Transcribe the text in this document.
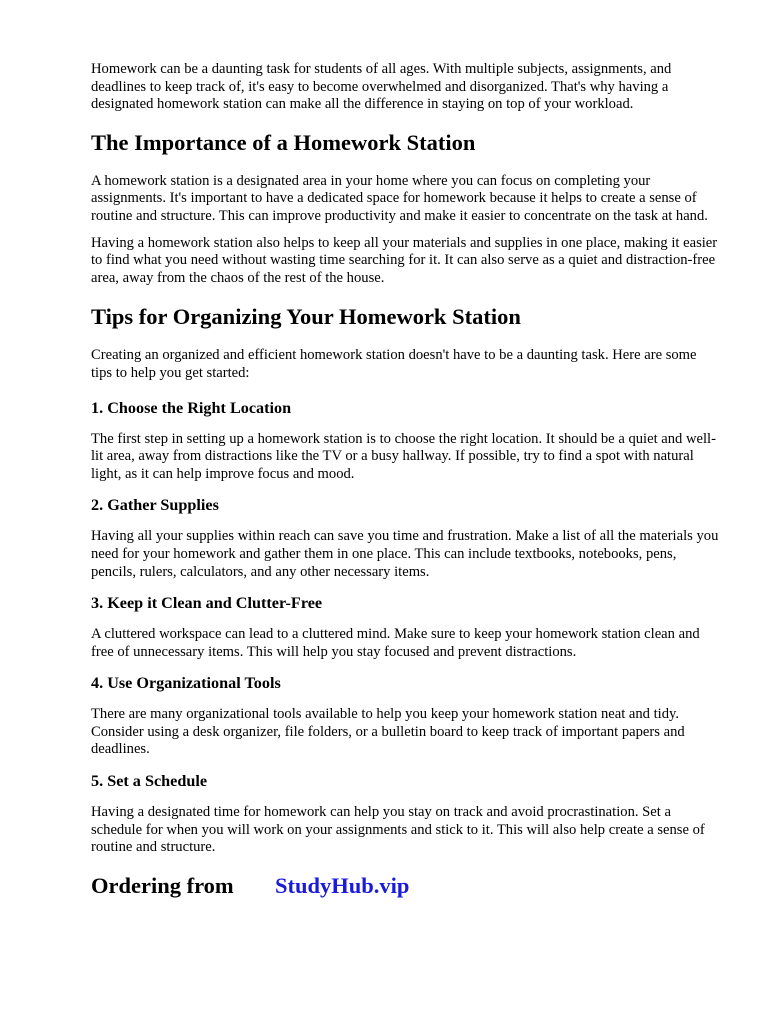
Homework can be a daunting task for students of all ages. With multiple subjects, assignments, and deadlines to keep track of, it's easy to become overwhelmed and disorganized. That's why having a designated homework station can make all the difference in staying on top of your workload.

The Importance of a Homework Station

A homework station is a designated area in your home where you can focus on completing your assignments. It's important to have a dedicated space for homework because it helps to create a sense of routine and structure. This can improve productivity and make it easier to concentrate on the task at hand.

Having a homework station also helps to keep all your materials and supplies in one place, making it easier to find what you need without wasting time searching for it. It can also serve as a quiet and distraction-free area, away from the chaos of the rest of the house.

Tips for Organizing Your Homework Station

Creating an organized and efficient homework station doesn't have to be a daunting task. Here are some tips to help you get started:

1. Choose the Right Location

The first step in setting up a homework station is to choose the right location. It should be a quiet and well-lit area, away from distractions like the TV or a busy hallway. If possible, try to find a spot with natural light, as it can help improve focus and mood.

2. Gather Supplies

Having all your supplies within reach can save you time and frustration. Make a list of all the materials you need for your homework and gather them in one place. This can include textbooks, notebooks, pens, pencils, rulers, calculators, and any other necessary items.

3. Keep it Clean and Clutter-Free

A cluttered workspace can lead to a cluttered mind. Make sure to keep your homework station clean and free of unnecessary items. This will help you stay focused and prevent distractions.

4. Use Organizational Tools

There are many organizational tools available to help you keep your homework station neat and tidy. Consider using a desk organizer, file folders, or a bulletin board to keep track of important papers and deadlines.

5. Set a Schedule

Having a designated time for homework can help you stay on track and avoid procrastination. Set a schedule for when you will work on your assignments and stick to it. This will also help create a sense of routine and structure.

Ordering from	StudyHub.vip
